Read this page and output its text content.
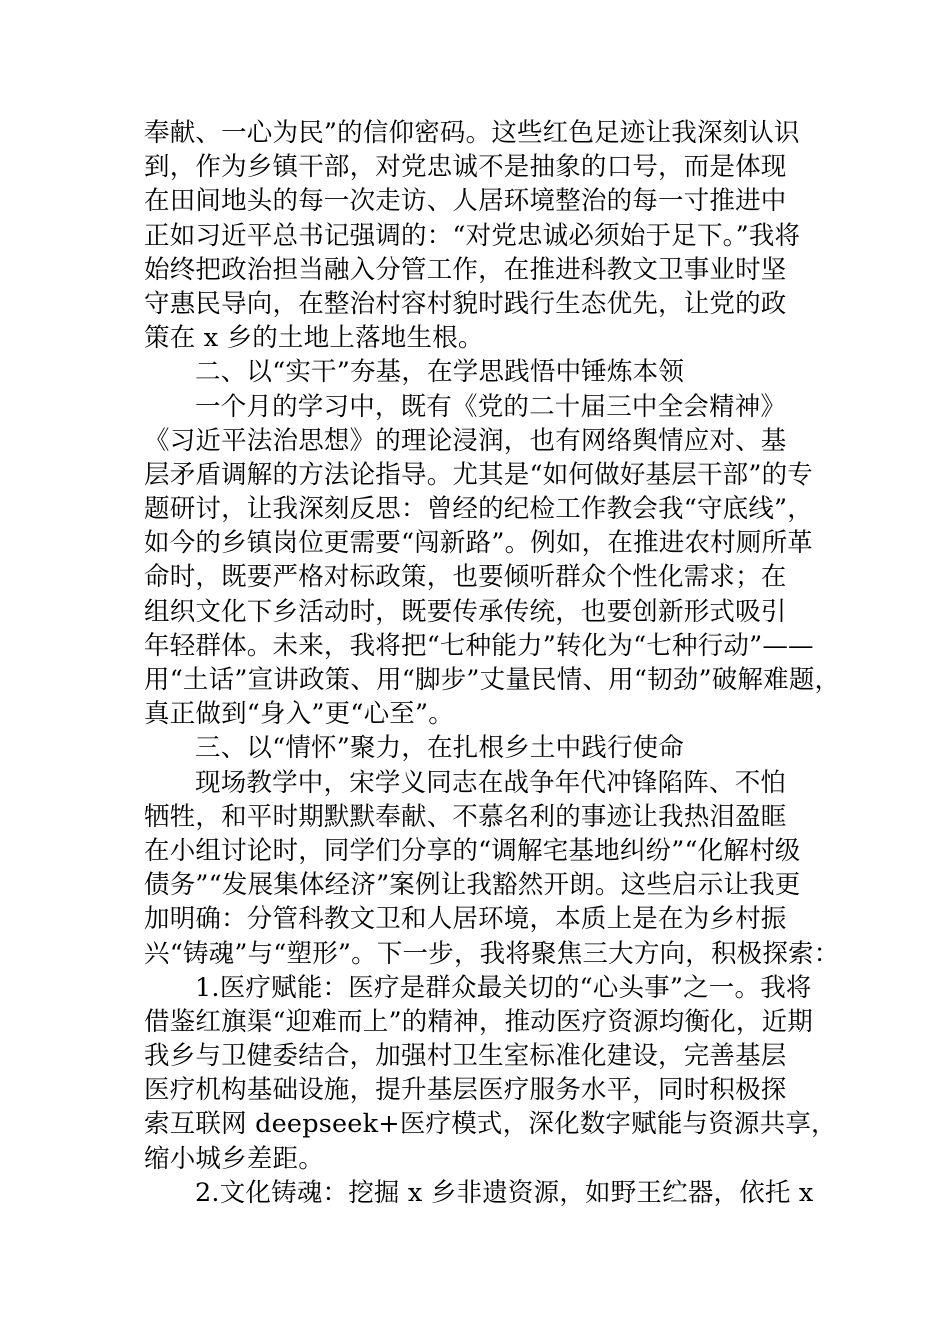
奉献、一心为民”的信仰密码。这些红色足迹让我深刻认识
到，作为乡镇干部，对党忠诚不是抽象的口号，而是体现
在田间地头的每一次走访、人居环境整治的每一寸推进中
正如习近平总书记强调的：“对党忠诚必须始于足下。”我将
始终把政治担当融入分管工作，在推进科教文卫事业时坚
守惠民导向，在整治村容村貌时践行生态优先，让党的政
策在 x 乡的土地上落地生根。
二、以“实干”夯基，在学思践悟中锤炼本领
一个月的学习中，既有《党的二十届三中全会精神》
《习近平法治思想》的理论浸润，也有网络舆情应对、基
层矛盾调解的方法论指导。尤其是“如何做好基层干部”的专
题研讨，让我深刻反思：曾经的纪检工作教会我“守底线”，
如今的乡镇岗位更需要“闯新路”。例如，在推进农村厕所革
命时，既要严格对标政策，也要倾听群众个性化需求；在
组织文化下乡活动时，既要传承传统，也要创新形式吸引
年轻群体。未来，我将把“七种能力”转化为“七种行动”——
用“土话”宣讲政策、用“脚步”丈量民情、用“韧劲”破解难题，
真正做到“身入”更“心至”。
三、以“情怀”聚力，在扎根乡土中践行使命
现场教学中，宋学义同志在战争年代冲锋陷阵、不怕
牺牲，和平时期默默奉献、不慕名利的事迹让我热泪盈眶
在小组讨论时，同学们分享的“调解宅基地纠纷”“化解村级
债务”“发展集体经济”案例让我豁然开朗。这些启示让我更
加明确：分管科教文卫和人居环境，本质上是在为乡村振
兴“铸魂”与“塑形”。下一步，我将聚焦三大方向，积极探索：
1.医疗赋能：医疗是群众最关切的“心头事”之一。我将
借鉴红旗渠“迎难而上”的精神，推动医疗资源均衡化，近期
我乡与卫健委结合，加强村卫生室标准化建设，完善基层
医疗机构基础设施，提升基层医疗服务水平，同时积极探
索互联网 deepseek+医疗模式，深化数字赋能与资源共享，
缩小城乡差距。
2.文化铸魂：挖掘 x 乡非遗资源，如野王纻器，依托 x
